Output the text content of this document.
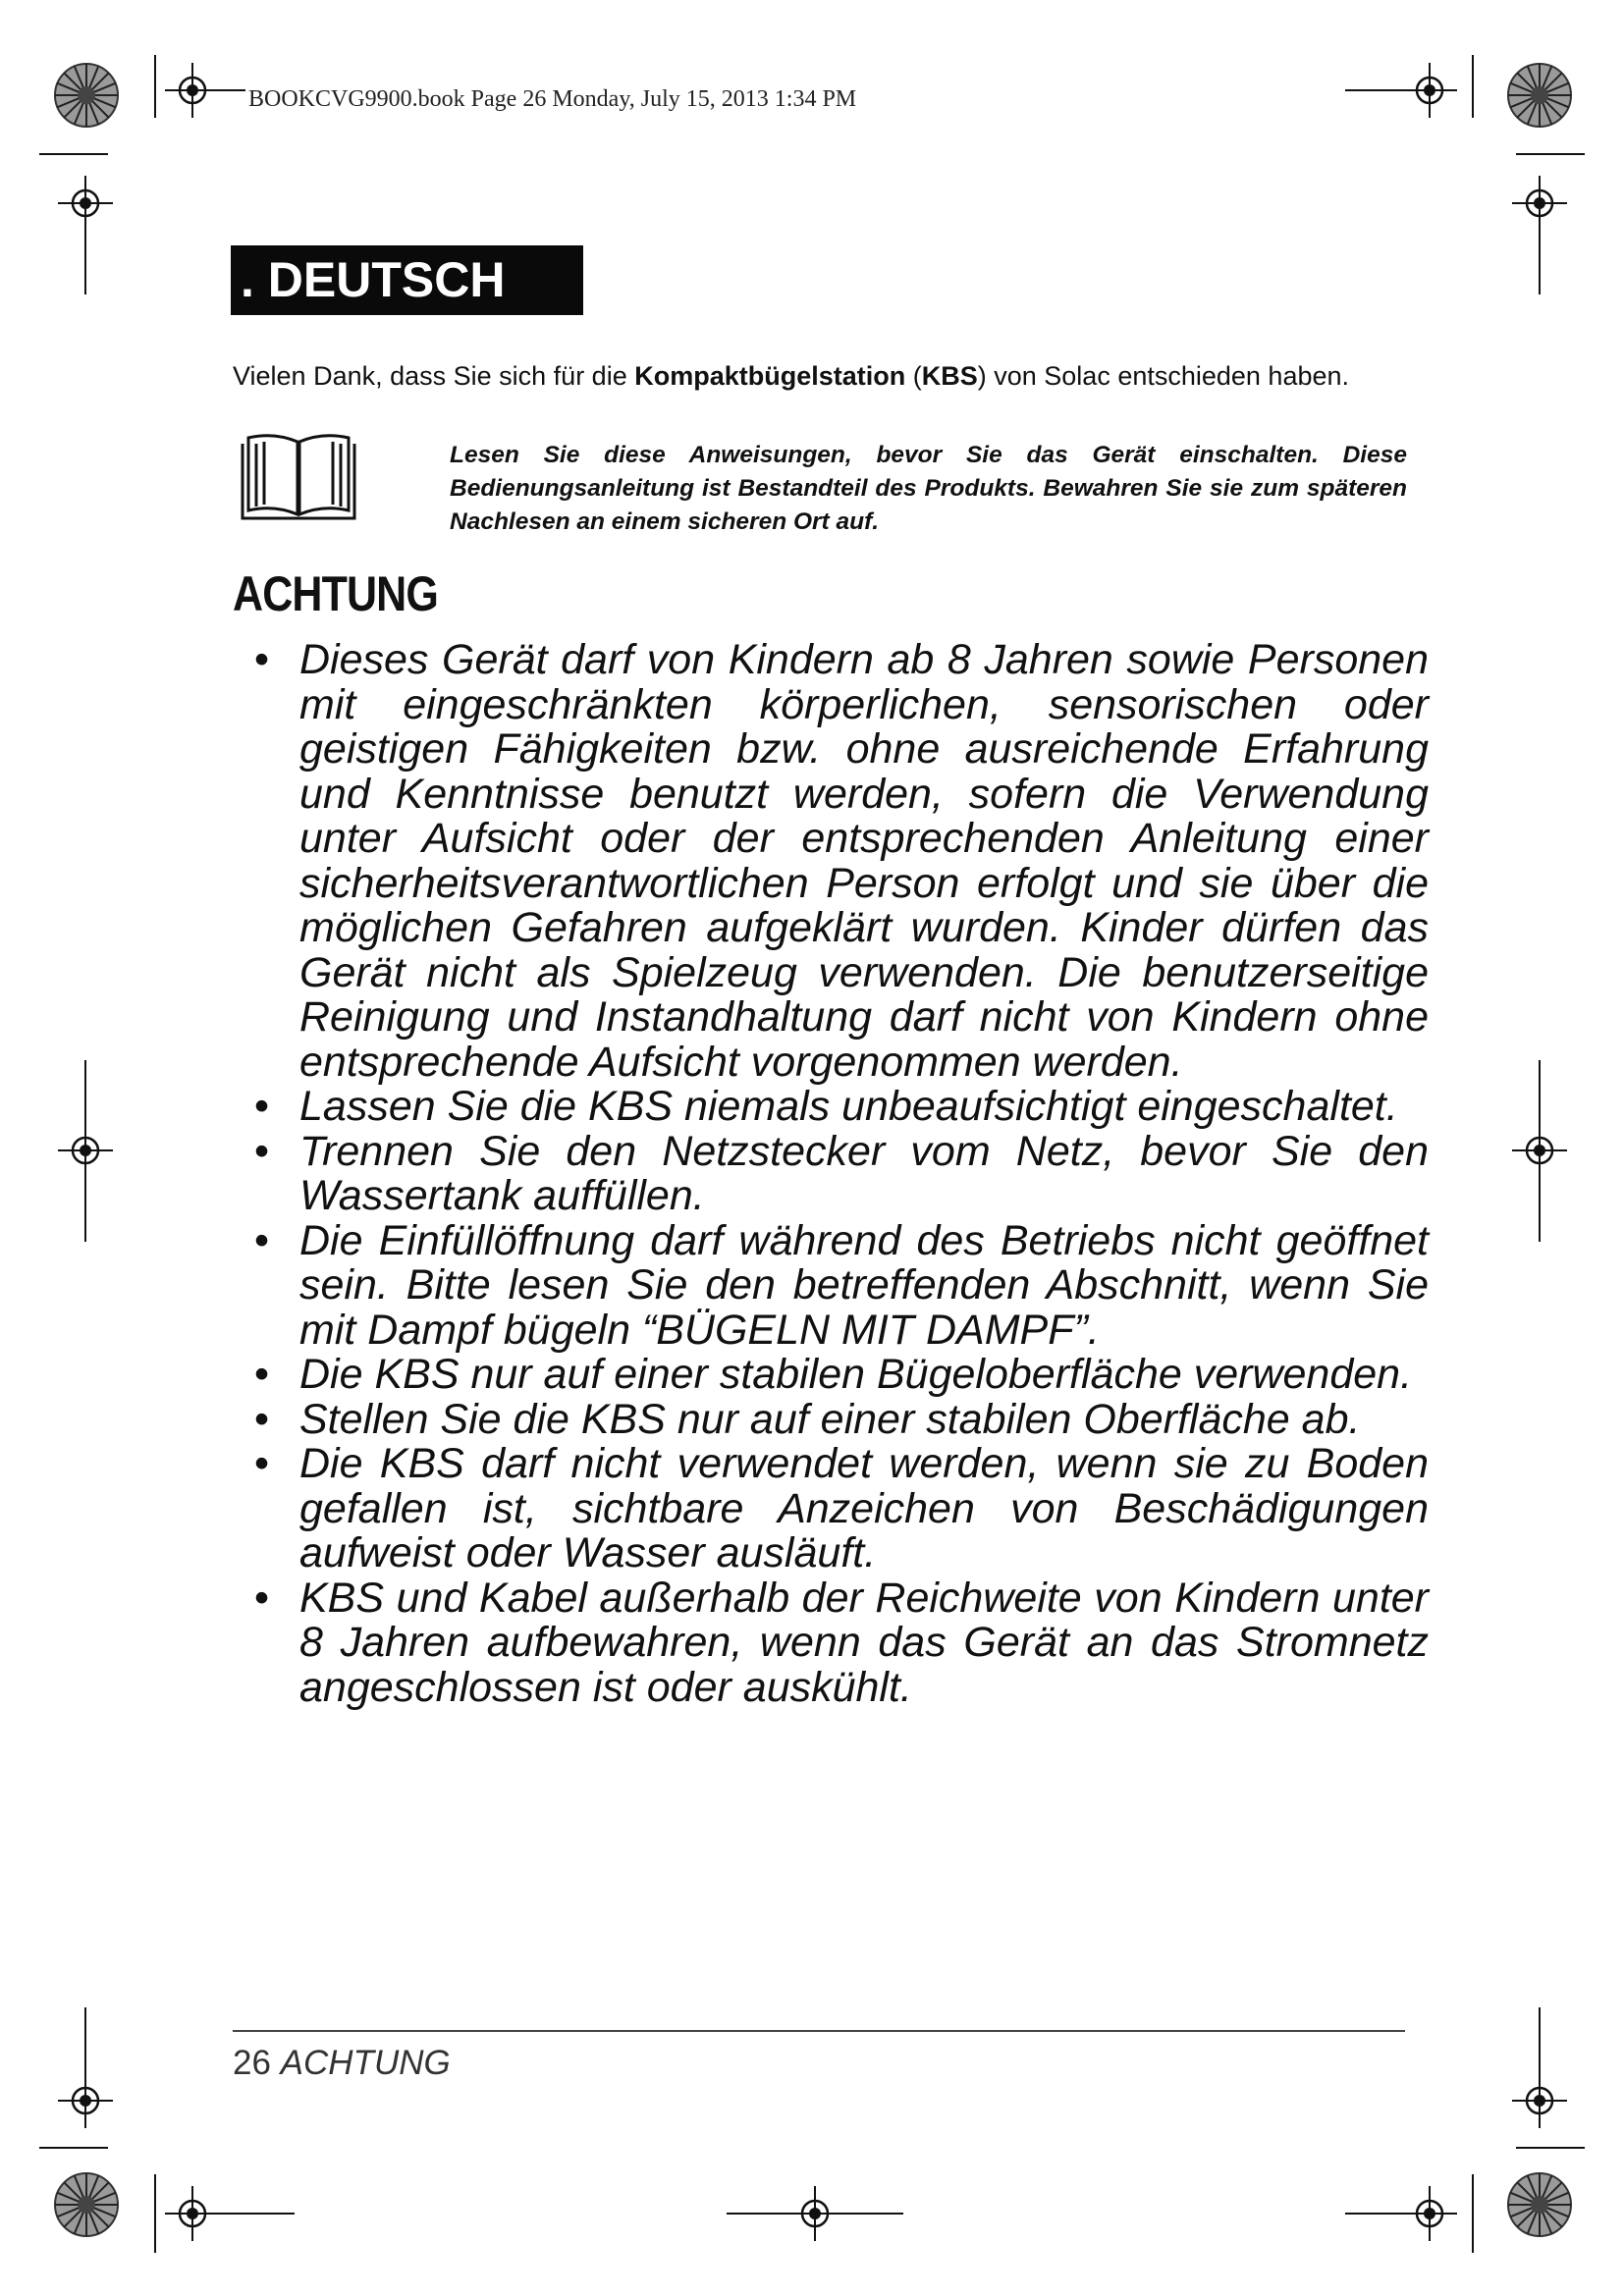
BOOKCVG9900.book Page 26 Monday, July 15, 2013 1:34 PM
. DEUTSCH
Vielen Dank, dass Sie sich für die Kompaktbügelstation (KBS) von Solac entschieden haben.
Lesen Sie diese Anweisungen, bevor Sie das Gerät einschalten. Diese Bedienungsanleitung ist Bestandteil des Produkts. Bewahren Sie sie zum späteren Nachlesen an einem sicheren Ort auf.
ACHTUNG
• Dieses Gerät darf von Kindern ab 8 Jahren sowie Personen mit eingeschränkten körperlichen, sensorischen oder geistigen Fähigkeiten bzw. ohne ausreichende Erfahrung und Kenntnisse benutzt werden, sofern die Verwendung unter Aufsicht oder der entsprechenden Anleitung einer sicherheitsverantwortlichen Person erfolgt und sie über die möglichen Gefahren aufgeklärt wurden. Kinder dürfen das Gerät nicht als Spielzeug verwenden. Die benutzerseitige Reinigung und Instandhaltung darf nicht von Kindern ohne entsprechende Aufsicht vorgenommen werden.
• Lassen Sie die KBS niemals unbeaufsichtigt eingeschaltet.
• Trennen Sie den Netzstecker vom Netz, bevor Sie den Wassertank auffüllen.
• Die Einfüllöffnung darf während des Betriebs nicht geöffnet sein. Bitte lesen Sie den betreffenden Abschnitt, wenn Sie mit Dampf bügeln “BÜGELN MIT DAMPF”.
• Die KBS nur auf einer stabilen Bügeloberfläche verwenden.
• Stellen Sie die KBS nur auf einer stabilen Oberfläche ab.
• Die KBS darf nicht verwendet werden, wenn sie zu Boden gefallen ist, sichtbare Anzeichen von Beschädigungen aufweist oder Wasser ausläuft.
• KBS und Kabel außerhalb der Reichweite von Kindern unter 8 Jahren aufbewahren, wenn das Gerät an das Stromnetz angeschlossen ist oder auskühlt.
26 ACHTUNG
